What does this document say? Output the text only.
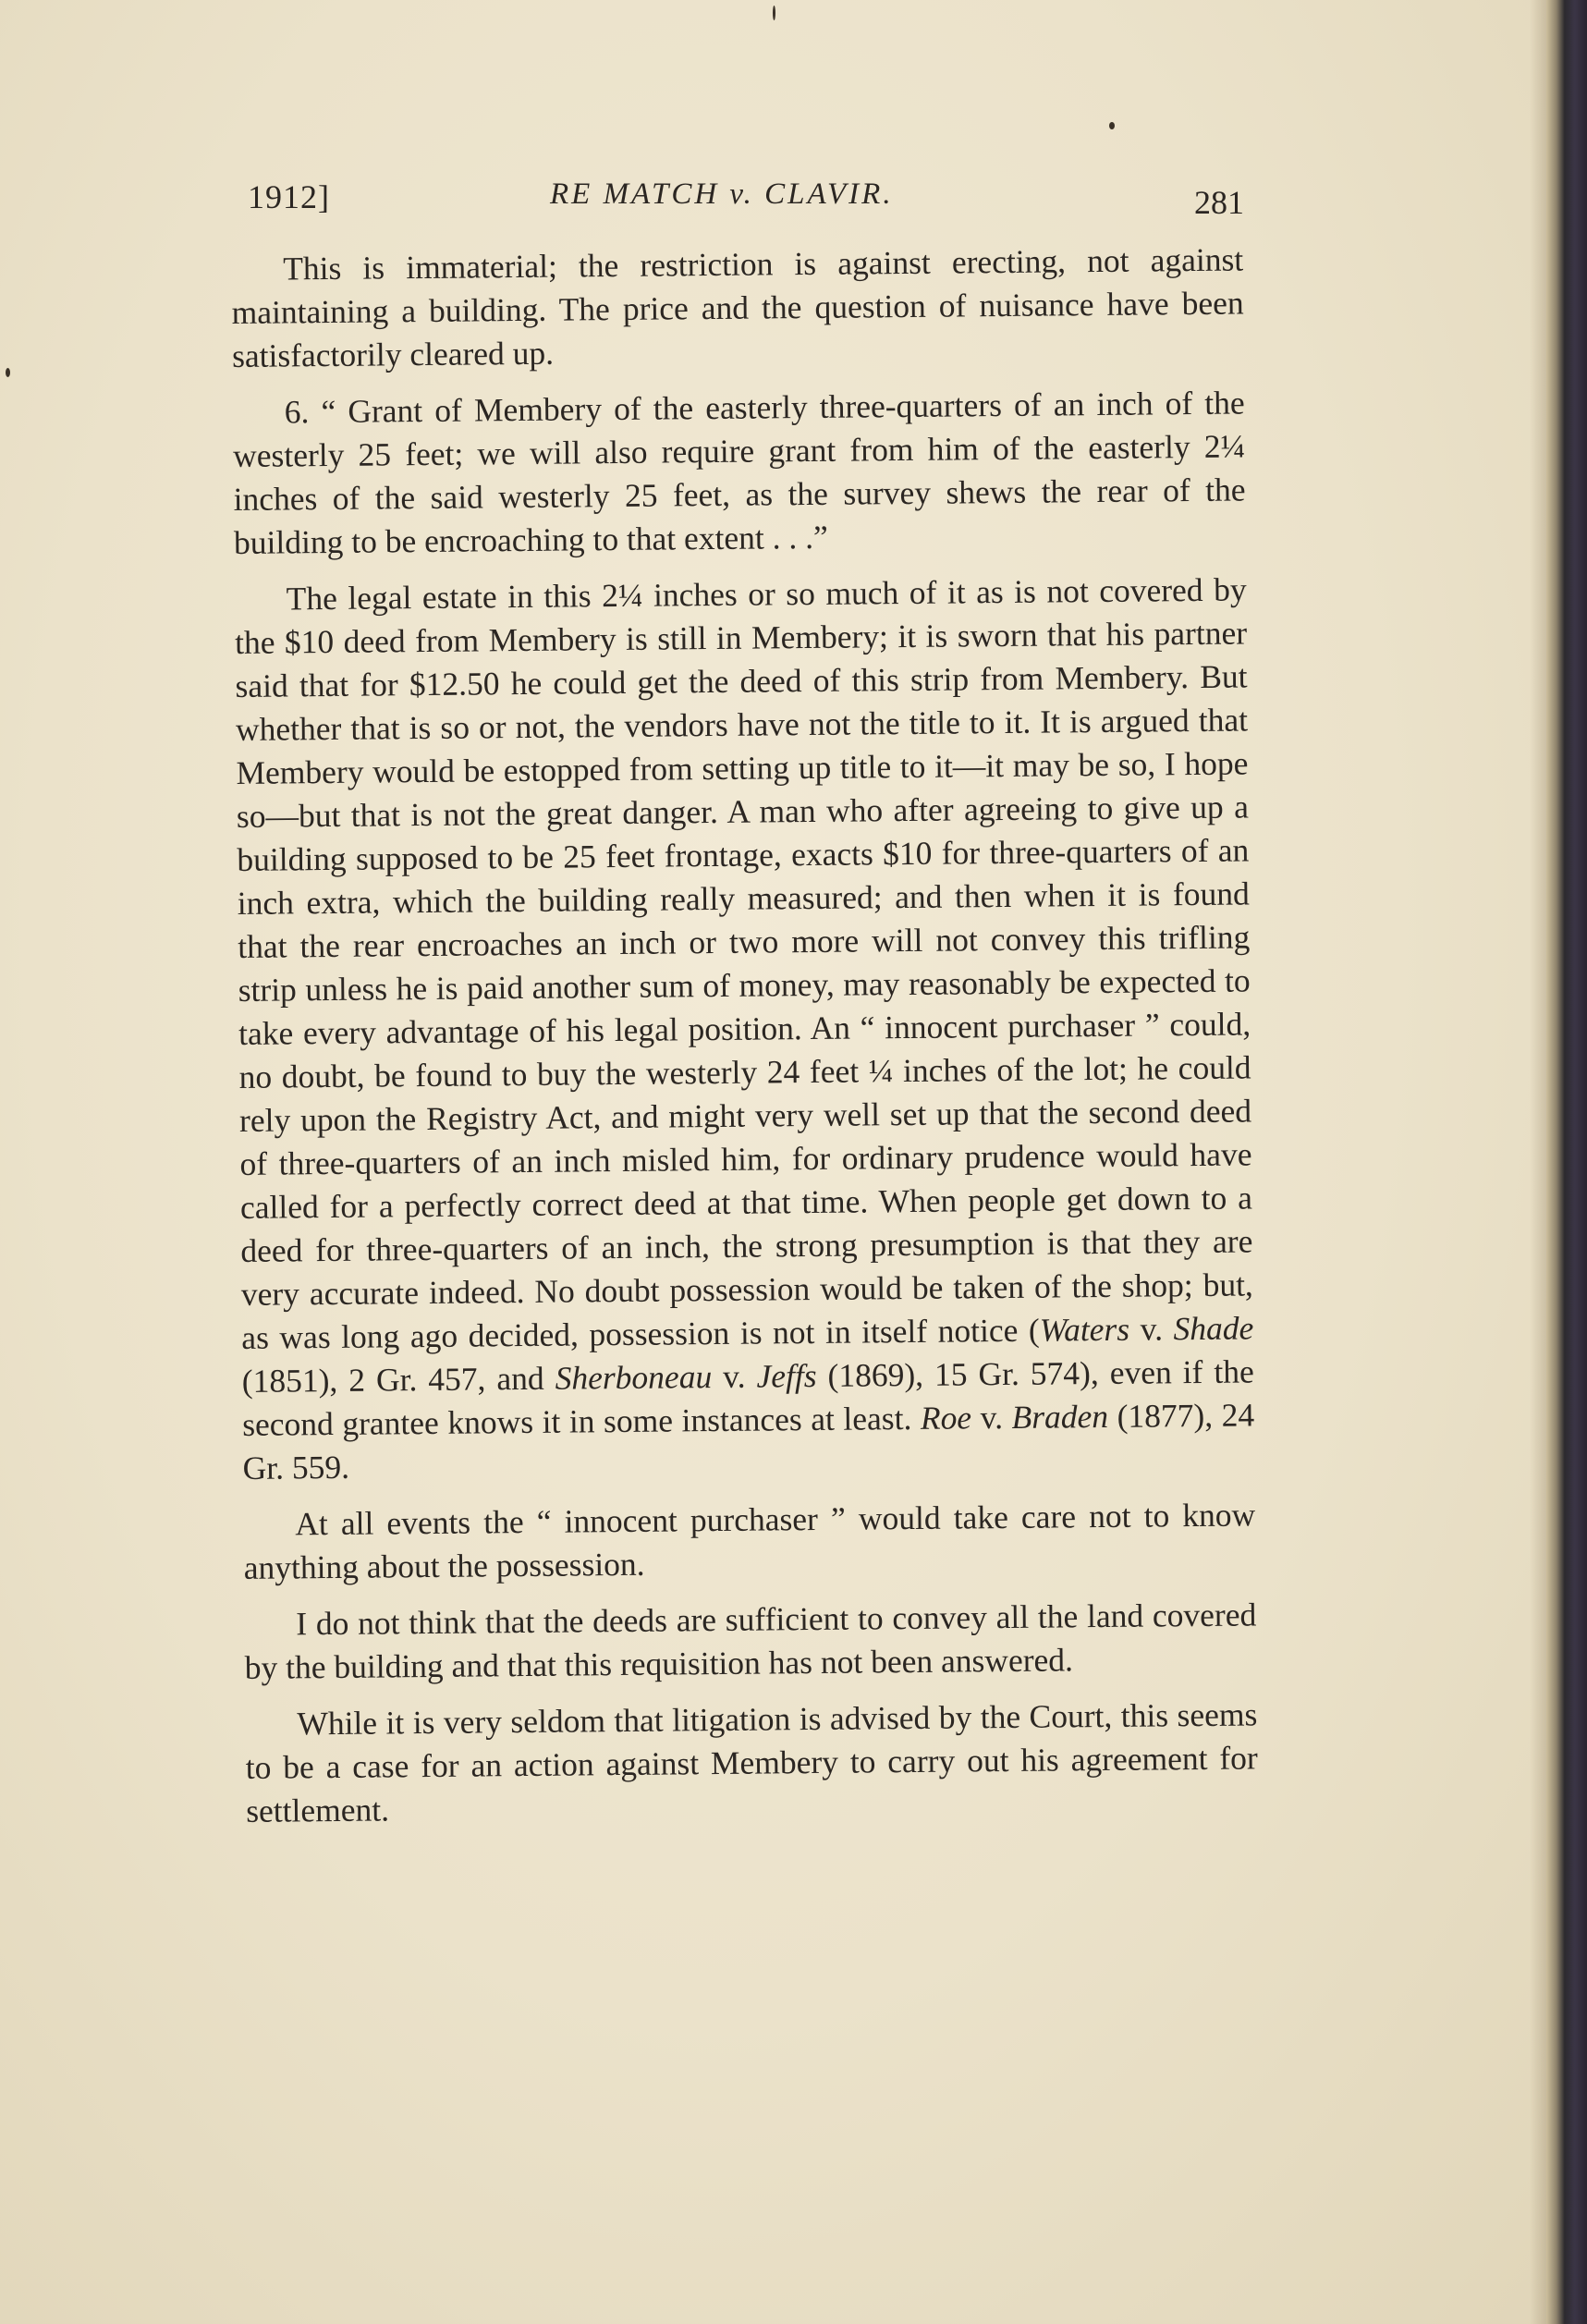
1912]	RE MATCH v. CLAVIR.	281

This is immaterial; the restriction is against erecting, not against maintaining a building. The price and the question of nuisance have been satisfactorily cleared up.

6. “ Grant of Membery of the easterly three-quarters of an inch of the westerly 25 feet; we will also require grant from him of the easterly 2¼ inches of the said westerly 25 feet, as the survey shews the rear of the building to be encroaching to that extent . . .”

The legal estate in this 2¼ inches or so much of it as is not covered by the $10 deed from Membery is still in Membery; it is sworn that his partner said that for $12.50 he could get the deed of this strip from Membery. But whether that is so or not, the vendors have not the title to it. It is argued that Membery would be estopped from setting up title to it—it may be so, I hope so—but that is not the great danger. A man who after agreeing to give up a building supposed to be 25 feet frontage, exacts $10 for three-quarters of an inch extra, which the building really measured; and then when it is found that the rear encroaches an inch or two more will not convey this trifling strip unless he is paid another sum of money, may reasonably be expected to take every advantage of his legal position. An “ innocent purchaser ” could, no doubt, be found to buy the westerly 24 feet ¼ inches of the lot; he could rely upon the Registry Act, and might very well set up that the second deed of three-quarters of an inch misled him, for ordinary prudence would have called for a perfectly correct deed at that time. When people get down to a deed for three-quarters of an inch, the strong presumption is that they are very accurate indeed. No doubt possession would be taken of the shop; but, as was long ago decided, possession is not in itself notice (Waters v. Shade (1851), 2 Gr. 457, and Sherboneau v. Jeffs (1869), 15 Gr. 574), even if the second grantee knows it in some instances at least. Roe v. Braden (1877), 24 Gr. 559.

At all events the “ innocent purchaser ” would take care not to know anything about the possession.

I do not think that the deeds are sufficient to convey all the land covered by the building and that this requisition has not been answered.

While it is very seldom that litigation is advised by the Court, this seems to be a case for an action against Membery to carry out his agreement for settlement.
